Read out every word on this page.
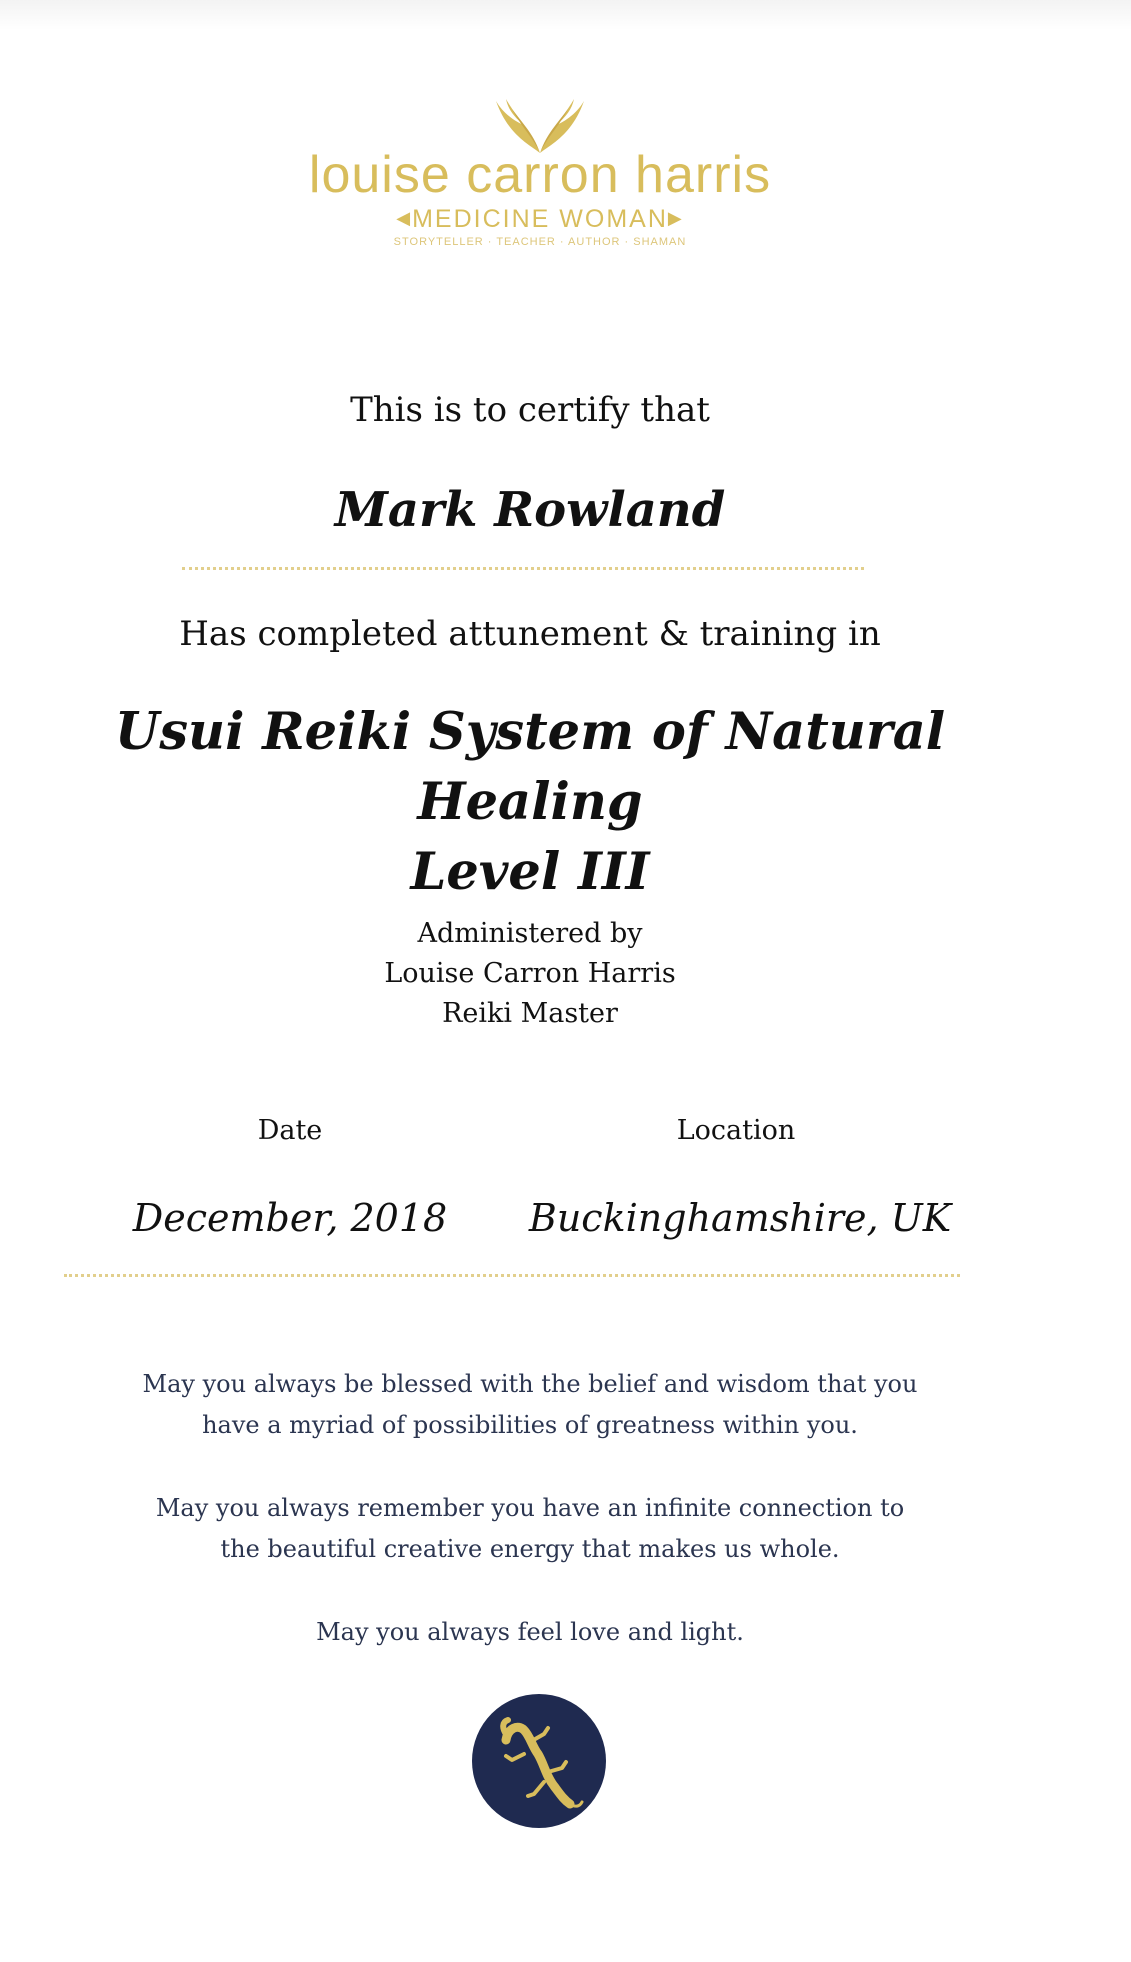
louise carron harris
◀MEDICINE WOMAN▶
STORYTELLER · TEACHER · AUTHOR · SHAMAN
This is to certify that
Mark Rowland
Has completed attunement & training in
Usui Reiki System of Natural Healing
Level III
Administered by
Louise Carron Harris
Reiki Master
Date	Location
December, 2018	Buckinghamshire, UK

May you always be blessed with the belief and wisdom that you
have a myriad of possibilities of greatness within you.

May you always remember you have an infinite connection to
the beautiful creative energy that makes us whole.

May you always feel love and light.
